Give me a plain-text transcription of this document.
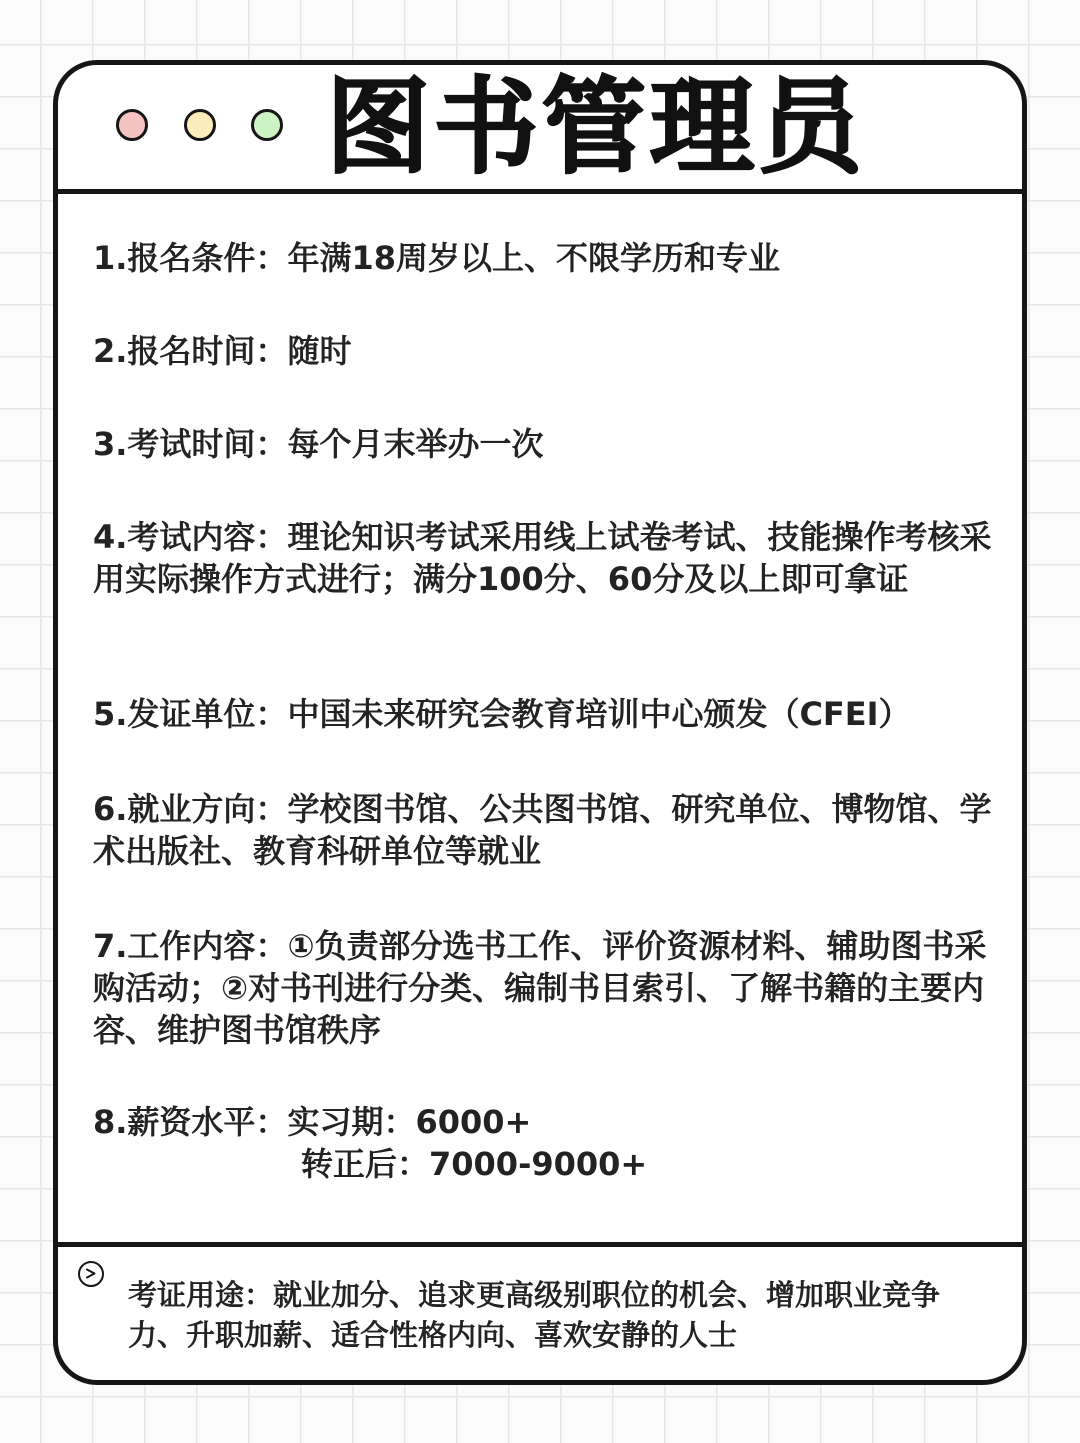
图书管理员

1.报名条件：年满18周岁以上、不限学历和专业

2.报名时间：随时

3.考试时间：每个月末举办一次

4.考试内容：理论知识考试采用线上试卷考试、技能操作考核采用实际操作方式进行；满分100分、60分及以上即可拿证

5.发证单位：中国未来研究会教育培训中心颁发（CFEI）

6.就业方向：学校图书馆、公共图书馆、研究单位、博物馆、学术出版社、教育科研单位等就业

7.工作内容：①负责部分选书工作、评价资源材料、辅助图书采购活动；②对书刊进行分类、编制书目索引、了解书籍的主要内容、维护图书馆秩序

8.薪资水平：实习期：6000+
转正后：7000-9000+

考证用途：就业加分、追求更高级别职位的机会、增加职业竞争力、升职加薪、适合性格内向、喜欢安静的人士
